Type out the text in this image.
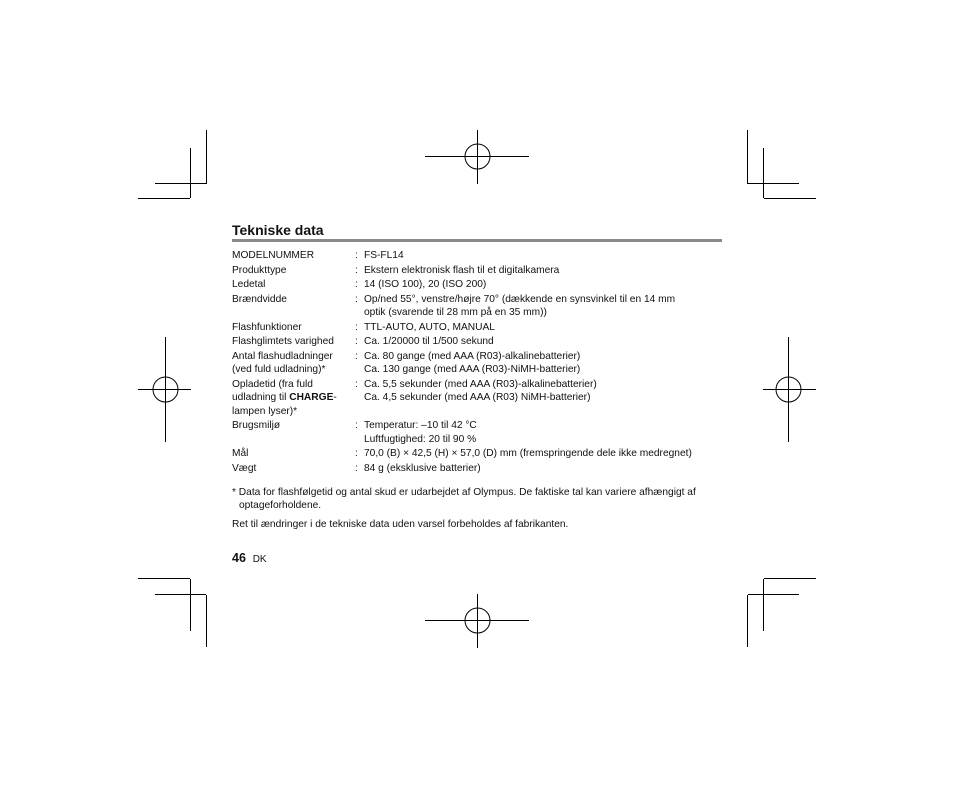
Tekniske data
MODELNUMMER	:	FS-FL14

Produkttype	:	Ekstern elektronisk flash til et digitalkamera

Ledetal	:	14 (ISO 100), 20 (ISO 200)

Brændvidde	:	Op/ned 55°, venstre/højre 70° (dækkende en synsvinkel til en 14 mm
optik (svarende til 28 mm på en 35 mm))

Flashfunktioner	:	TTL-AUTO, AUTO, MANUAL

Flashglimtets varighed	:	Ca. 1/20000 til 1/500 sekund

Antal flashudladninger
(ved fuld udladning)*	:	Ca. 80 gange (med AAA (R03)-alkalinebatterier)
Ca. 130 gange (med AAA (R03)-NiMH-batterier)

Opladetid (fra fuld
udladning til CHARGE-
lampen lyser)*	:	Ca. 5,5 sekunder (med AAA (R03)-alkalinebatterier)
Ca. 4,5 sekunder (med AAA (R03) NiMH-batterier)

Brugsmiljø	:	Temperatur: –10 til 42 °C
Luftfugtighed: 20 til 90 %

Mål	:	70,0 (B) × 42,5 (H) × 57,0 (D) mm (fremspringende dele ikke medregnet)

Vægt	:	84 g (eksklusive batterier)
* Data for flashfølgetid og antal skud er udarbejdet af Olympus. De faktiske tal kan variere afhængigt af optageforholdene.
Ret til ændringer i de tekniske data uden varsel forbeholdes af fabrikanten.
46 DK
